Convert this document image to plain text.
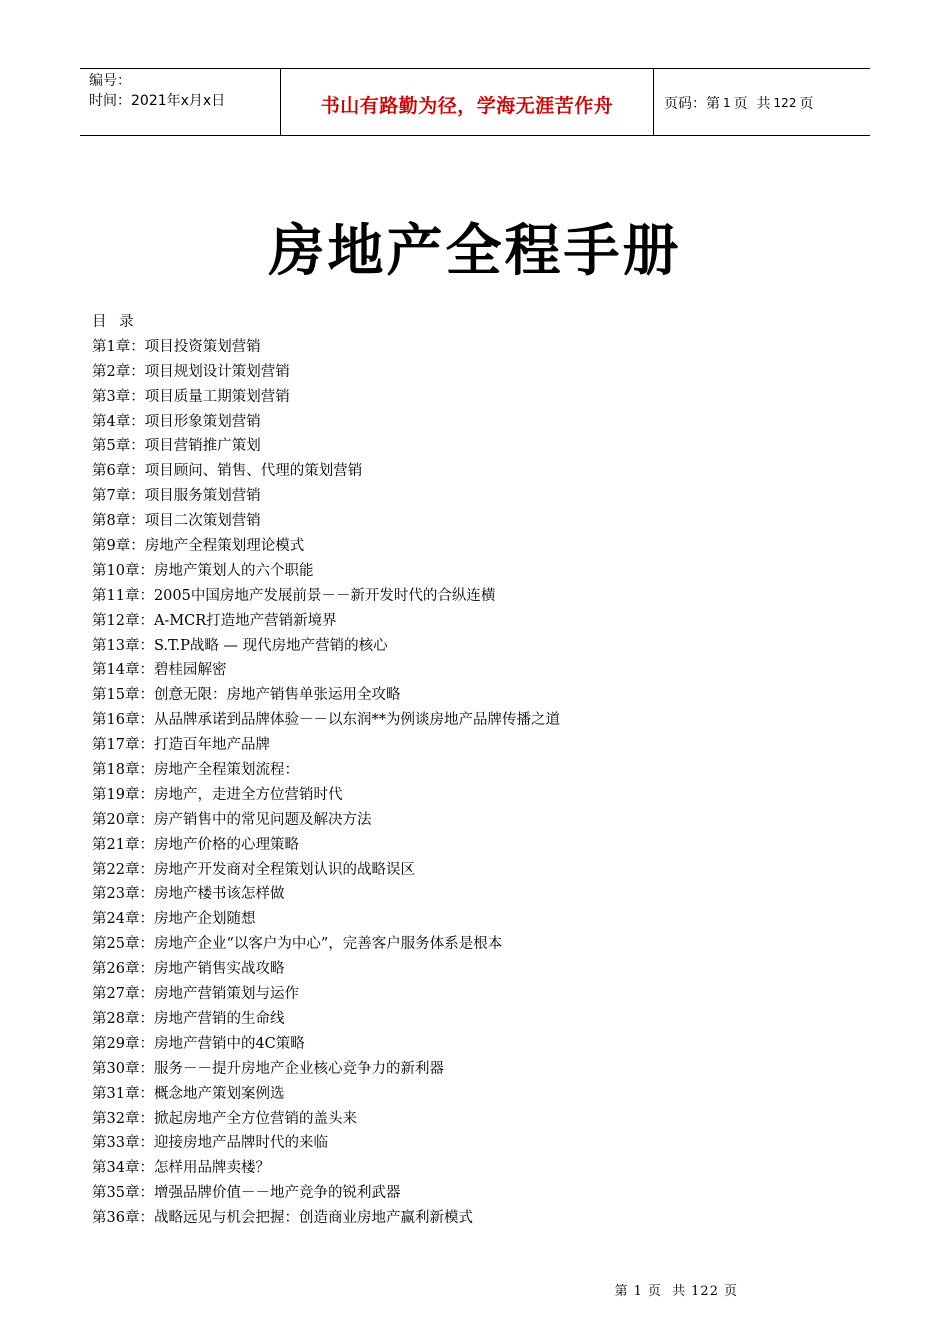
编号：
时间：2021年x月x日	书山有路勤为径，学海无涯苦作舟	页码：第 1 页  共 122 页
房地产全程手册
目 录
第1章：项目投资策划营销
第2章：项目规划设计策划营销
第3章：项目质量工期策划营销
第4章：项目形象策划营销
第5章：项目营销推广策划
第6章：项目顾问、销售、代理的策划营销
第7章：项目服务策划营销
第8章：项目二次策划营销
第9章：房地产全程策划理论模式
第10章：房地产策划人的六个职能
第11章：2005中国房地产发展前景－－新开发时代的合纵连横
第12章：A-MCR打造地产营销新境界
第13章：S.T.P战略 — 现代房地产营销的核心
第14章：碧桂园解密
第15章：创意无限：房地产销售单张运用全攻略
第16章：从品牌承诺到品牌体验－－以东润**为例谈房地产品牌传播之道
第17章：打造百年地产品牌
第18章：房地产全程策划流程：
第19章：房地产，走进全方位营销时代
第20章：房产销售中的常见问题及解决方法
第21章：房地产价格的心理策略
第22章：房地产开发商对全程策划认识的战略误区
第23章：房地产楼书该怎样做
第24章：房地产企划随想
第25章：房地产企业“以客户为中心”，完善客户服务体系是根本
第26章：房地产销售实战攻略
第27章：房地产营销策划与运作
第28章：房地产营销的生命线
第29章：房地产营销中的4C策略
第30章：服务－－提升房地产企业核心竞争力的新利器
第31章：概念地产策划案例选
第32章：掀起房地产全方位营销的盖头来
第33章：迎接房地产品牌时代的来临
第34章：怎样用品牌卖楼？
第35章：增强品牌价值－－地产竞争的锐利武器
第36章：战略远见与机会把握：创造商业房地产赢利新模式
第 1 页  共 122 页
